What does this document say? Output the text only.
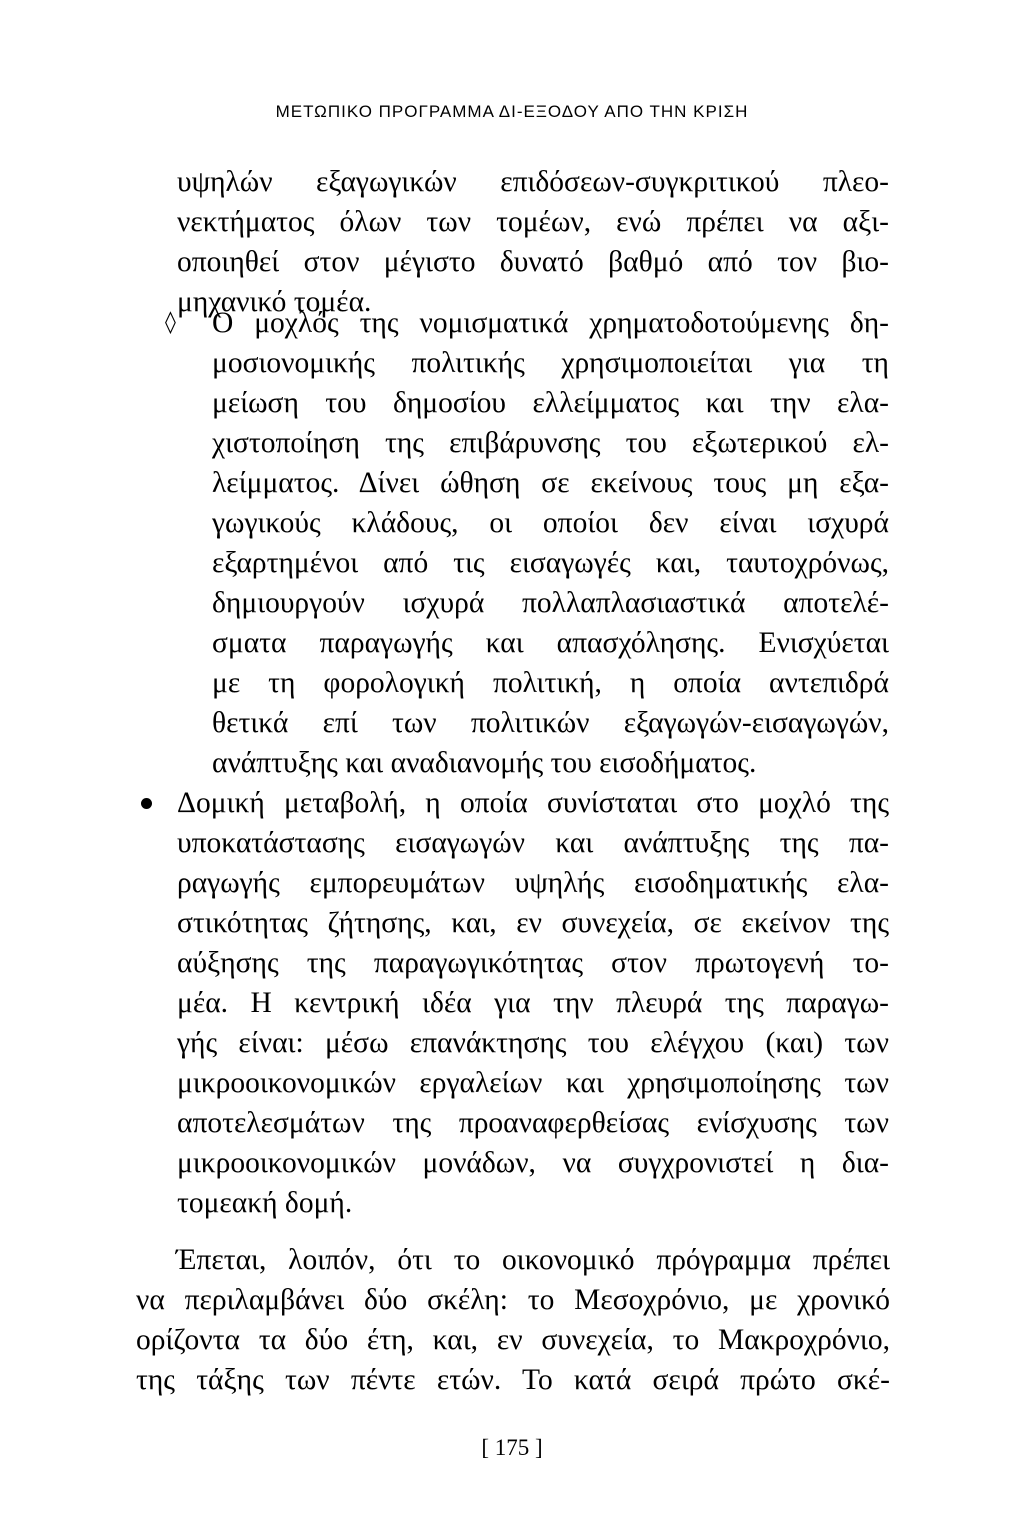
ΜΕΤΩΠΙΚΟ ΠΡΟΓΡΑΜΜΑ ΔΙ-ΕΞΟΔΟΥ ΑΠΟ ΤΗΝ ΚΡΙΣΗ
υψηλών εξαγωγικών επιδόσεων-συγκριτικού πλεο-
νεκτήματος όλων των τομέων, ενώ πρέπει να αξι-
οποιηθεί στον μέγιστο δυνατό βαθμό από τον βιο-
μηχανικό τομέα.
◊ Ο μοχλός της νομισματικά χρηματοδοτούμενης δη-
μοσιονομικής πολιτικής χρησιμοποιείται για τη
μείωση του δημοσίου ελλείμματος και την ελα-
χιστοποίηση της επιβάρυνσης του εξωτερικού ελ-
λείμματος. Δίνει ώθηση σε εκείνους τους μη εξα-
γωγικούς κλάδους, οι οποίοι δεν είναι ισχυρά
εξαρτημένοι από τις εισαγωγές και, ταυτοχρόνως,
δημιουργούν ισχυρά πολλαπλασιαστικά αποτελέ-
σματα παραγωγής και απασχόλησης. Ενισχύεται
με τη φορολογική πολιτική, η οποία αντεπιδρά
θετικά επί των πολιτικών εξαγωγών-εισαγωγών,
ανάπτυξης και αναδιανομής του εισοδήματος.
Δομική μεταβολή, η οποία συνίσταται στο μοχλό της
υποκατάστασης εισαγωγών και ανάπτυξης της πα-
ραγωγής εμπορευμάτων υψηλής εισοδηματικής ελα-
στικότητας ζήτησης, και, εν συνεχεία, σε εκείνον της
αύξησης της παραγωγικότητας στον πρωτογενή το-
μέα. Η κεντρική ιδέα για την πλευρά της παραγω-
γής είναι: μέσω επανάκτησης του ελέγχου (και) των
μικροοικονομικών εργαλείων και χρησιμοποίησης των
αποτελεσμάτων της προαναφερθείσας ενίσχυσης των
μικροοικονομικών μονάδων, να συγχρονιστεί η δια-
τομεακή δομή.
Έπεται, λοιπόν, ότι το οικονομικό πρόγραμμα πρέπει
να περιλαμβάνει δύο σκέλη: το Μεσοχρόνιο, με χρονικό
ορίζοντα τα δύο έτη, και, εν συνεχεία, το Μακροχρόνιο,
της τάξης των πέντε ετών. Το κατά σειρά πρώτο σκέ-
[ 175 ]
